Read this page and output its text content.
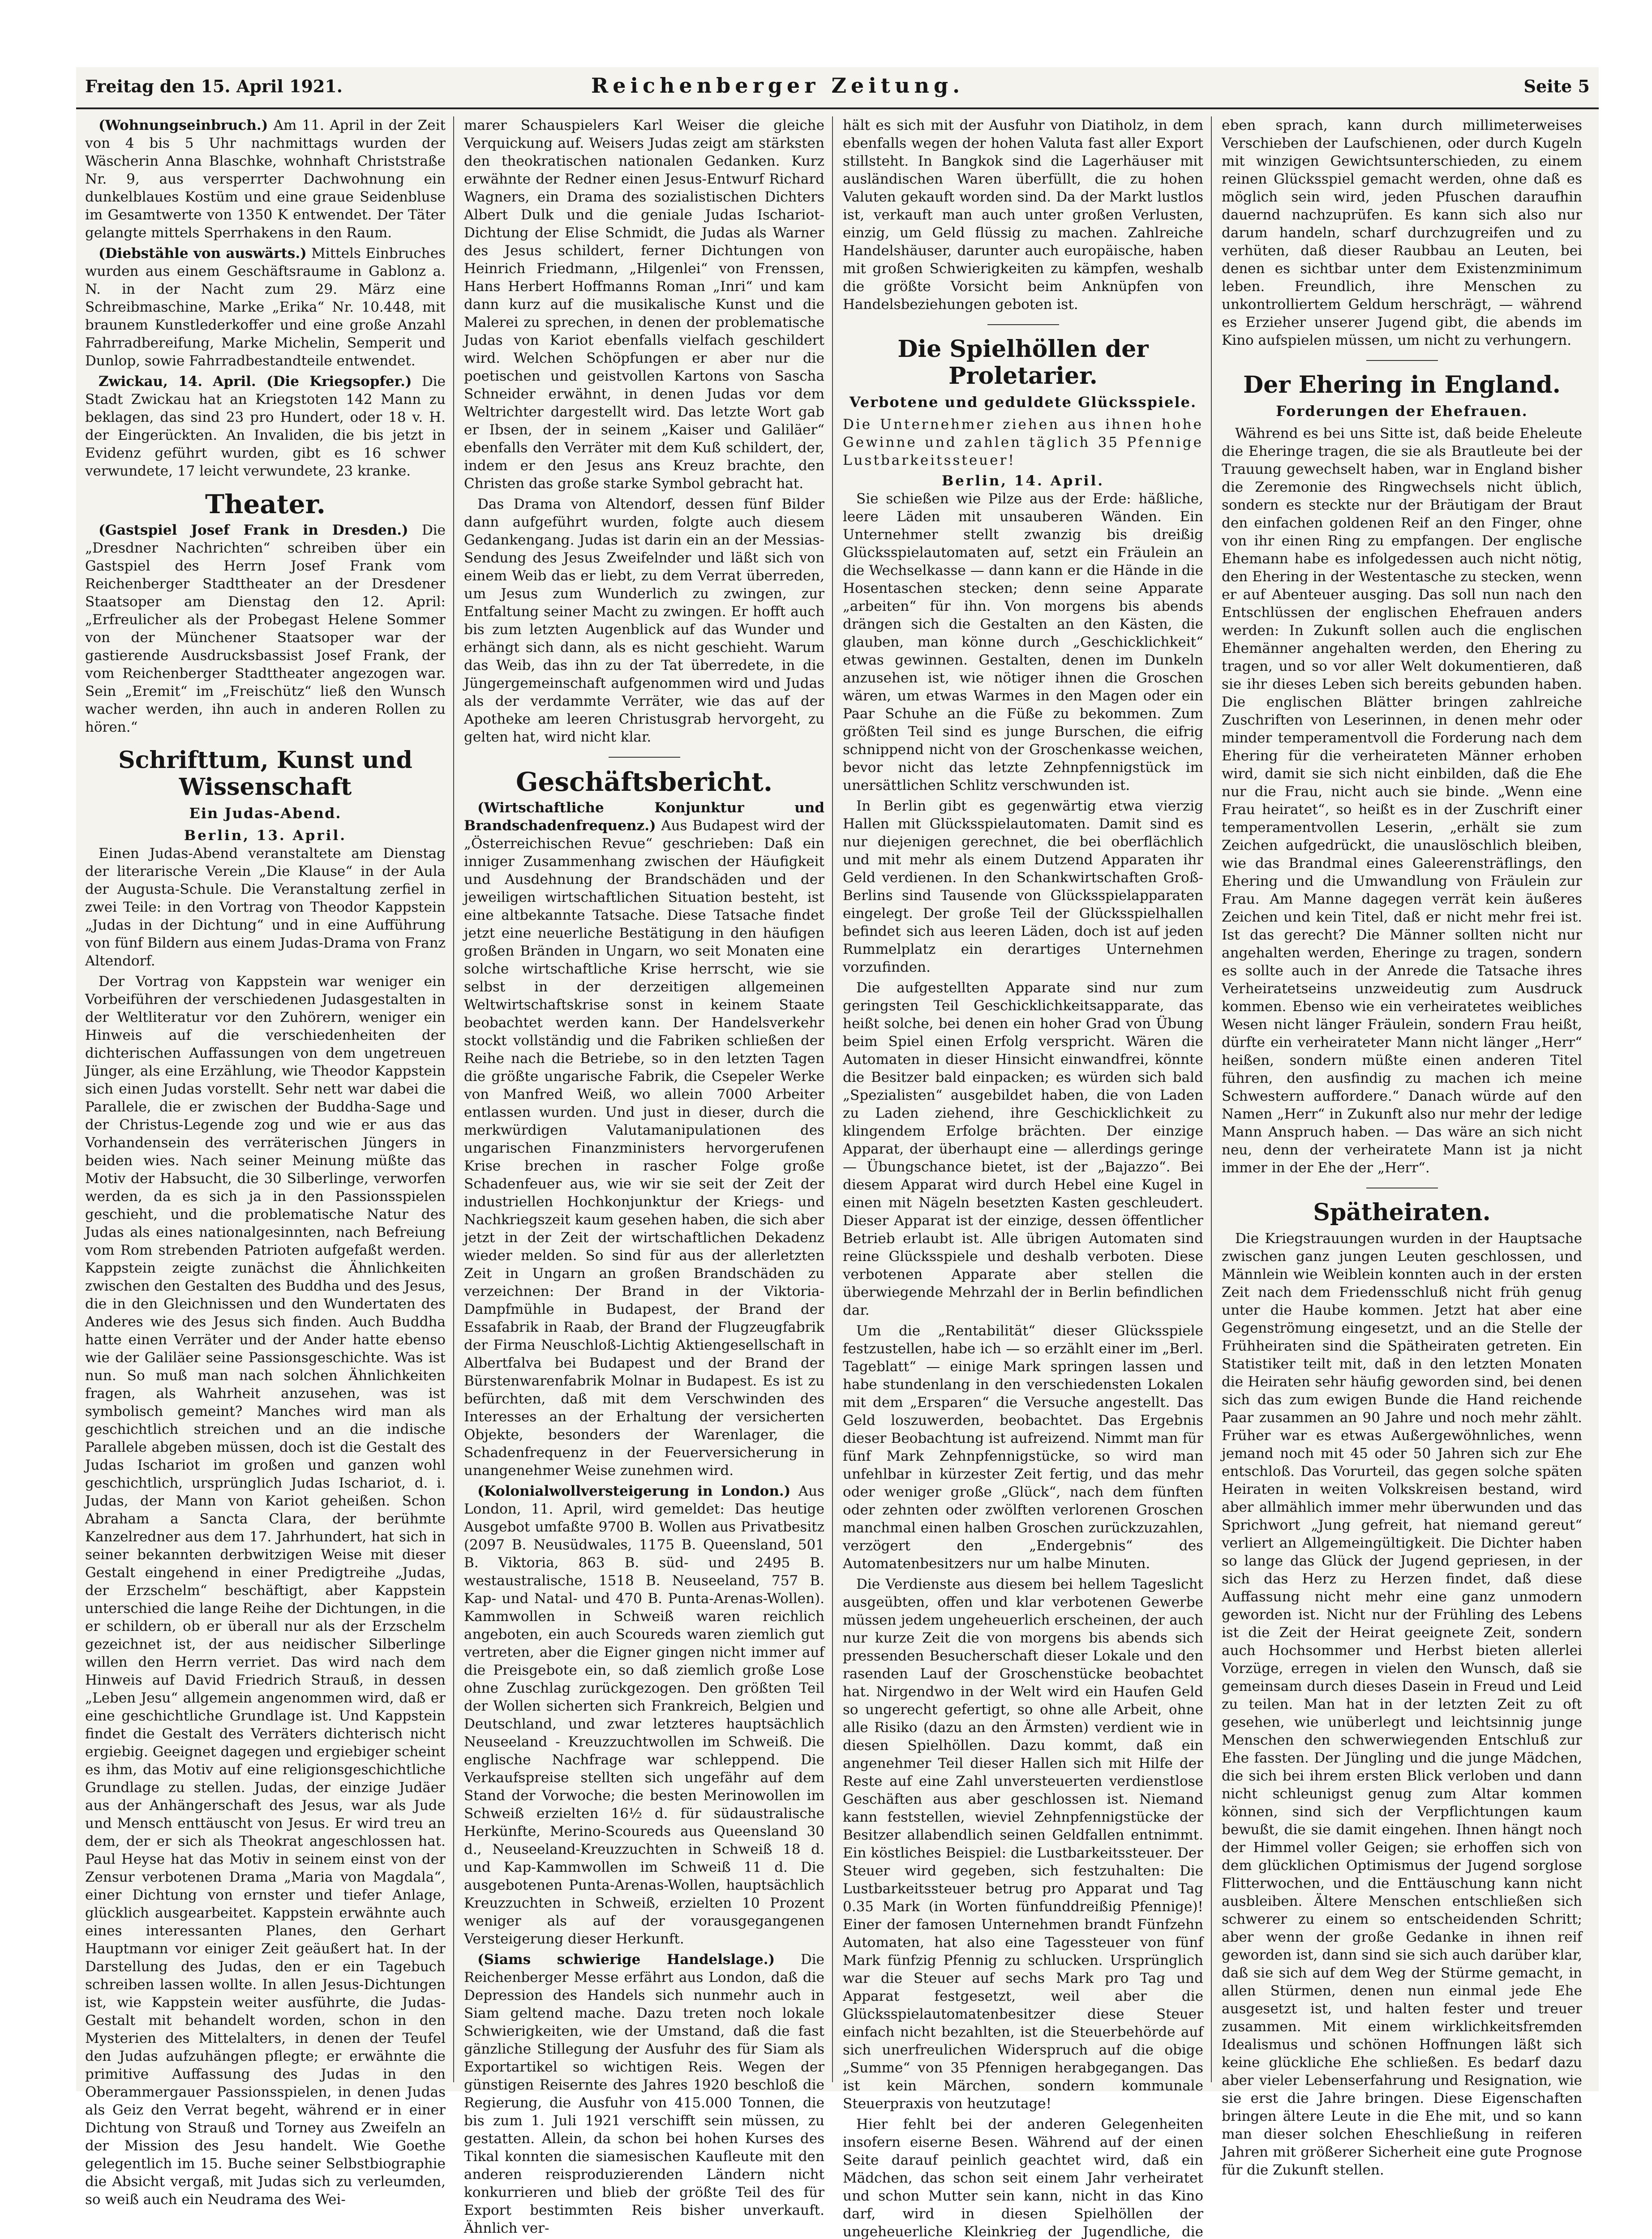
Freitag den 15. April 1921.	Reichenberger Zeitung.	Seite 5

(Wohnungseinbruch.) Am 11. April in der Zeit von 4 bis 5 Uhr nachmittags wurden der Wäscherin Anna Blaschke, wohnhaft Christstraße Nr. 9, aus versperrter Dachwohnung ein dunkelblaues Kostüm und eine graue Seidenbluse im Gesamtwerte von 1350 K entwendet. Der Täter gelangte mittels Sperrhakens in den Raum.

(Diebstähle von auswärts.) Mittels Einbruches wurden aus einem Geschäftsraume in Gablonz a. N. in der Nacht zum 29. März eine Schreibmaschine, Marke „Erika“ Nr. 10.448, mit braunem Kunstlederkoffer und eine große Anzahl Fahrradbereifung, Marke Michelin, Semperit und Dunlop, sowie Fahrradbestandteile entwendet.

Zwickau, 14. April. (Die Kriegsopfer.) Die Stadt Zwickau hat an Kriegstoten 142 Mann zu beklagen, das sind 23 pro Hundert, oder 18 v. H. der Eingerückten. An Invaliden, die bis jetzt in Evidenz geführt wurden, gibt es 16 schwer verwundete, 17 leicht verwundete, 23 kranke.

Theater.

(Gastspiel Josef Frank in Dresden.) Die „Dresdner Nachrichten“ schreiben über ein Gastspiel des Herrn Josef Frank vom Reichenberger Stadttheater an der Dresdener Staatsoper am Dienstag den 12. April: „Erfreulicher als der Probegast Helene Sommer von der Münchener Staatsoper war der gastierende Ausdrucksbassist Josef Frank, der vom Reichenberger Stadttheater angezogen war. Sein „Eremit“ im „Freischütz“ ließ den Wunsch wacher werden, ihn auch in anderen Rollen zu hören.“

Schrifttum, Kunst und Wissenschaft
Ein Judas-Abend.
Berlin, 13. April.

Einen Judas-Abend veranstaltete am Dienstag der literarische Verein „Die Klause“ in der Aula der Augusta-Schule. Die Veranstaltung zerfiel in zwei Teile: in den Vortrag von Theodor Kappstein „Judas in der Dichtung“ und in eine Aufführung von fünf Bildern aus einem Judas-Drama von Franz Altendorf.

Der Vortrag von Kappstein war weniger ein Vorbeiführen der verschiedenen Judasgestalten in der Weltliteratur vor den Zuhörern, weniger ein Hinweis auf die verschiedenheiten der dichterischen Auffassungen von dem ungetreuen Jünger, als eine Erzählung, wie Theodor Kappstein sich einen Judas vorstellt. Sehr nett war dabei die Parallele, die er zwischen der Buddha-Sage und der Christus-Legende zog und wie er aus das Vorhandensein des verräterischen Jüngers in beiden wies. Nach seiner Meinung müßte das Motiv der Habsucht, die 30 Silberlinge, verworfen werden, da es sich ja in den Passionsspielen geschieht, und die problematische Natur des Judas als eines nationalgesinnten, nach Befreiung vom Rom strebenden Patrioten aufgefaßt werden. Kappstein zeigte zunächst die Ähnlichkeiten zwischen den Gestalten des Buddha und des Jesus, die in den Gleichnissen und den Wundertaten des Anderes wie des Jesus sich finden. Auch Buddha hatte einen Verräter und der Ander hatte ebenso wie der Galiläer seine Passionsgeschichte. Was ist nun. So muß man nach solchen Ähnlichkeiten fragen, als Wahrheit anzusehen, was ist symbolisch gemeint? Manches wird man als geschichtlich streichen und an die indische Parallele abgeben müssen, doch ist die Gestalt des Judas Ischariot im großen und ganzen wohl geschichtlich, ursprünglich Judas Ischariot, d. i. Judas, der Mann von Kariot geheißen. Schon Abraham a Sancta Clara, der berühmte Kanzelredner aus dem 17. Jahrhundert, hat sich in seiner bekannten derbwitzigen Weise mit dieser Gestalt eingehend in einer Predigtreihe „Judas, der Erzschelm“ beschäftigt, aber Kappstein unterschied die lange Reihe der Dichtungen, in die er schildern, ob er überall nur als der Erzschelm gezeichnet ist, der aus neidischer Silberlinge willen den Herrn verriet. Das wird nach dem Hinweis auf David Friedrich Strauß, in dessen „Leben Jesu“ allgemein angenommen wird, daß er eine geschichtliche Grundlage ist. Und Kappstein findet die Gestalt des Verräters dichterisch nicht ergiebig. Geeignet dagegen und ergiebiger scheint es ihm, das Motiv auf eine religionsgeschichtliche Grundlage zu stellen. Judas, der einzige Judäer aus der Anhängerschaft des Jesus, war als Jude und Mensch enttäuscht von Jesus. Er wird treu an dem, der er sich als Theokrat angeschlossen hat. Paul Heyse hat das Motiv in seinem einst von der Zensur verbotenen Drama „Maria von Magdala“, einer Dichtung von ernster und tiefer Anlage, glücklich ausgearbeitet. Kappstein erwähnte auch eines interessanten Planes, den Gerhart Hauptmann vor einiger Zeit geäußert hat. In der Darstellung des Judas, den er ein Tagebuch schreiben lassen wollte. In allen Jesus-Dichtungen ist, wie Kappstein weiter ausführte, die Judas-Gestalt mit behandelt worden, schon in den Mysterien des Mittelalters, in denen der Teufel den Judas aufzuhängen pflegte; er erwähnte die primitive Auffassung des Judas in den Oberammergauer Passionsspielen, in denen Judas als Geiz den Verrat begeht, während er in einer Dichtung von Strauß und Torney aus Zweifeln an der Mission des Jesu handelt. Wie Goethe gelegentlich im 15. Buche seiner Selbstbiographie die Absicht vergaß, mit Judas sich zu verleumden, so weiß auch ein Neudrama des Wei-

marer Schauspielers Karl Weiser die gleiche Verquickung auf. Weisers Judas zeigt am stärksten den theokratischen nationalen Gedanken. Kurz erwähnte der Redner einen Jesus-Entwurf Richard Wagners, ein Drama des sozialistischen Dichters Albert Dulk und die geniale Judas Ischariot-Dichtung der Elise Schmidt, die Judas als Warner des Jesus schildert, ferner Dichtungen von Heinrich Friedmann, „Hilgenlei“ von Frenssen, Hans Herbert Hoffmanns Roman „Inri“ und kam dann kurz auf die musikalische Kunst und die Malerei zu sprechen, in denen der problematische Judas von Kariot ebenfalls vielfach geschildert wird. Welchen Schöpfungen er aber nur die poetischen und geistvollen Kartons von Sascha Schneider erwähnt, in denen Judas vor dem Weltrichter dargestellt wird. Das letzte Wort gab er Ibsen, der in seinem „Kaiser und Galiläer“ ebenfalls den Verräter mit dem Kuß schildert, der, indem er den Jesus ans Kreuz brachte, den Christen das große starke Symbol gebracht hat.

Das Drama von Altendorf, dessen fünf Bilder dann aufgeführt wurden, folgte auch diesem Gedankengang. Judas ist darin ein an der Messias-Sendung des Jesus Zweifelnder und läßt sich von einem Weib das er liebt, zu dem Verrat überreden, um Jesus zum Wunderlich zu zwingen, zur Entfaltung seiner Macht zu zwingen. Er hofft auch bis zum letzten Augenblick auf das Wunder und erhängt sich dann, als es nicht geschieht. Warum das Weib, das ihn zu der Tat überredete, in die Jüngergemeinschaft aufgenommen wird und Judas als der verdammte Verräter, wie das auf der Apotheke am leeren Christusgrab hervorgeht, zu gelten hat, wird nicht klar.

Geschäftsbericht.

(Wirtschaftliche Konjunktur und Brandschadenfrequenz.) Aus Budapest wird der „Österreichischen Revue“ geschrieben: Daß ein inniger Zusammenhang zwischen der Häufigkeit und Ausdehnung der Brandschäden und der jeweiligen wirtschaftlichen Situation besteht, ist eine altbekannte Tatsache. Diese Tatsache findet jetzt eine neuerliche Bestätigung in den häufigen großen Bränden in Ungarn, wo seit Monaten eine solche wirtschaftliche Krise herrscht, wie sie selbst in der derzeitigen allgemeinen Weltwirtschaftskrise sonst in keinem Staate beobachtet werden kann. Der Handelsverkehr stockt vollständig und die Fabriken schließen der Reihe nach die Betriebe, so in den letzten Tagen die größte ungarische Fabrik, die Csepeler Werke von Manfred Weiß, wo allein 7000 Arbeiter entlassen wurden. Und just in dieser, durch die merkwürdigen Valutamanipulationen des ungarischen Finanzministers hervorgerufenen Krise brechen in rascher Folge große Schadenfeuer aus, wie wir sie seit der Zeit der industriellen Hochkonjunktur der Kriegs- und Nachkriegszeit kaum gesehen haben, die sich aber jetzt in der Zeit der wirtschaftlichen Dekadenz wieder melden. So sind für aus der allerletzten Zeit in Ungarn an großen Brandschäden zu verzeichnen: Der Brand in der Viktoria-Dampfmühle in Budapest, der Brand der Essafabrik in Raab, der Brand der Flugzeugfabrik der Firma Neuschloß-Lichtig Aktiengesellschaft in Albertfalva bei Budapest und der Brand der Bürstenwarenfabrik Molnar in Budapest. Es ist zu befürchten, daß mit dem Verschwinden des Interesses an der Erhaltung der versicherten Objekte, besonders der Warenlager, die Schadenfrequenz in der Feuerversicherung in unangenehmer Weise zunehmen wird.

(Kolonialwollversteigerung in London.) Aus London, 11. April, wird gemeldet: Das heutige Ausgebot umfaßte 9700 B. Wollen aus Privatbesitz (2097 B. Neusüdwales, 1175 B. Queensland, 501 B. Viktoria, 863 B. süd- und 2495 B. westaustralische, 1518 B. Neuseeland, 757 B. Kap- und Natal- und 470 B. Punta-Arenas-Wollen). Kammwollen in Schweiß waren reichlich angeboten, ein auch Scoureds waren ziemlich gut vertreten, aber die Eigner gingen nicht immer auf die Preisgebote ein, so daß ziemlich große Lose ohne Zuschlag zurückgezogen. Den größten Teil der Wollen sicherten sich Frankreich, Belgien und Deutschland, und zwar letzteres hauptsächlich Neuseeland - Kreuzzuchtwollen im Schweiß. Die englische Nachfrage war schleppend. Die Verkaufspreise stellten sich ungefähr auf dem Stand der Vorwoche; die besten Merinowollen im Schweiß erzielten 16½ d. für südaustralische Herkünfte, Merino-Scoureds aus Queensland 30 d., Neuseeland-Kreuzzuchten in Schweiß 18 d. und Kap-Kammwollen im Schweiß 11 d. Die ausgebotenen Punta-Arenas-Wollen, hauptsächlich Kreuzzuchten in Schweiß, erzielten 10 Prozent weniger als auf der vorausgegangenen Versteigerung dieser Herkunft.

(Siams schwierige Handelslage.) Die Reichenberger Messe erfährt aus London, daß die Depression des Handels sich nunmehr auch in Siam geltend mache. Dazu treten noch lokale Schwierigkeiten, wie der Umstand, daß die fast gänzliche Stillegung der Ausfuhr des für Siam als Exportartikel so wichtigen Reis. Wegen der günstigen Reisernte des Jahres 1920 beschloß die Regierung, die Ausfuhr von 415.000 Tonnen, die bis zum 1. Juli 1921 verschifft sein müssen, zu gestatten. Allein, da schon bei hohen Kurses des Tikal konnten die siamesischen Kaufleute mit den anderen reisproduzierenden Ländern nicht konkurrieren und blieb der größte Teil des für Export bestimmten Reis bisher unverkauft. Ähnlich ver-

hält es sich mit der Ausfuhr von Diatiholz, in dem ebenfalls wegen der hohen Valuta fast aller Export stillsteht. In Bangkok sind die Lagerhäuser mit ausländischen Waren überfüllt, die zu hohen Valuten gekauft worden sind. Da der Markt lustlos ist, verkauft man auch unter großen Verlusten, einzig, um Geld flüssig zu machen. Zahlreiche Handelshäuser, darunter auch europäische, haben mit großen Schwierigkeiten zu kämpfen, weshalb die größte Vorsicht beim Anknüpfen von Handelsbeziehungen geboten ist.

Die Spielhöllen der Proletarier.
Verbotene und geduldete Glücksspiele.

Die Unternehmer ziehen aus ihnen hohe Gewinne und zahlen täglich 35 Pfennige Lustbarkeitssteuer!

Berlin, 14. April.

Sie schießen wie Pilze aus der Erde: häßliche, leere Läden mit unsauberen Wänden. Ein Unternehmer stellt zwanzig bis dreißig Glücksspielautomaten auf, setzt ein Fräulein an die Wechselkasse — dann kann er die Hände in die Hosentaschen stecken; denn seine Apparate „arbeiten“ für ihn. Von morgens bis abends drängen sich die Gestalten an den Kästen, die glauben, man könne durch „Geschicklichkeit“ etwas gewinnen. Gestalten, denen im Dunkeln anzusehen ist, wie nötiger ihnen die Groschen wären, um etwas Warmes in den Magen oder ein Paar Schuhe an die Füße zu bekommen. Zum größten Teil sind es junge Burschen, die eifrig schnippend nicht von der Groschenkasse weichen, bevor nicht das letzte Zehnpfennigstück im unersättlichen Schlitz verschwunden ist.

In Berlin gibt es gegenwärtig etwa vierzig Hallen mit Glücksspielautomaten. Damit sind es nur diejenigen gerechnet, die bei oberflächlich und mit mehr als einem Dutzend Apparaten ihr Geld verdienen. In den Schankwirtschaften Groß-Berlins sind Tausende von Glücksspielapparaten eingelegt. Der große Teil der Glücksspielhallen befindet sich aus leeren Läden, doch ist auf jeden Rummelplatz ein derartiges Unternehmen vorzufinden.

Die aufgestellten Apparate sind nur zum geringsten Teil Geschicklichkeitsapparate, das heißt solche, bei denen ein hoher Grad von Übung beim Spiel einen Erfolg verspricht. Wären die Automaten in dieser Hinsicht einwandfrei, könnte die Besitzer bald einpacken; es würden sich bald „Spezialisten“ ausgebildet haben, die von Laden zu Laden ziehend, ihre Geschicklichkeit zu klingendem Erfolge brächten. Der einzige Apparat, der überhaupt eine — allerdings geringe — Übungschance bietet, ist der „Bajazzo“. Bei diesem Apparat wird durch Hebel eine Kugel in einen mit Nägeln besetzten Kasten geschleudert. Dieser Apparat ist der einzige, dessen öffentlicher Betrieb erlaubt ist. Alle übrigen Automaten sind reine Glücksspiele und deshalb verboten. Diese verbotenen Apparate aber stellen die überwiegende Mehrzahl der in Berlin befindlichen dar.

Um die „Rentabilität“ dieser Glücksspiele festzustellen, habe ich — so erzählt einer im „Berl. Tageblatt“ — einige Mark springen lassen und habe stundenlang in den verschiedensten Lokalen mit dem „Ersparen“ die Versuche angestellt. Das Geld loszuwerden, beobachtet. Das Ergebnis dieser Beobachtung ist aufreizend. Nimmt man für fünf Mark Zehnpfennigstücke, so wird man unfehlbar in kürzester Zeit fertig, und das mehr oder weniger große „Glück“, nach dem fünften oder zehnten oder zwölften verlorenen Groschen manchmal einen halben Groschen zurückzuzahlen, verzögert den „Endergebnis“ des Automatenbesitzers nur um halbe Minuten.

Die Verdienste aus diesem bei hellem Tageslicht ausgeübten, offen und klar verbotenen Gewerbe müssen jedem ungeheuerlich erscheinen, der auch nur kurze Zeit die von morgens bis abends sich pressenden Besucherschaft dieser Lokale und den rasenden Lauf der Groschenstücke beobachtet hat. Nirgendwo in der Welt wird ein Haufen Geld so ungerecht gefertigt, so ohne alle Arbeit, ohne alle Risiko (dazu an den Ärmsten) verdient wie in diesen Spielhöllen. Dazu kommt, daß ein angenehmer Teil dieser Hallen sich mit Hilfe der Reste auf eine Zahl unversteuerten verdienstlose Geschäften aus aber geschlossen ist. Niemand kann feststellen, wieviel Zehnpfennigstücke der Besitzer allabendlich seinen Geldfallen entnimmt. Ein köstliches Beispiel: die Lustbarkeitssteuer. Der Steuer wird gegeben, sich festzuhalten: Die Lustbarkeitssteuer betrug pro Apparat und Tag 0.35 Mark (in Worten fünfunddreißig Pfennige)! Einer der famosen Unternehmen brandt Fünfzehn Automaten, hat also eine Tagessteuer von fünf Mark fünfzig Pfennig zu schlucken. Ursprünglich war die Steuer auf sechs Mark pro Tag und Apparat festgesetzt, weil aber die Glücksspielautomatenbesitzer diese Steuer einfach nicht bezahlten, ist die Steuerbehörde auf sich unerfreulichen Widerspruch auf die obige „Summe“ von 35 Pfennigen herabgegangen. Das ist kein Märchen, sondern kommunale Steuerpraxis von heutzutage!

Hier fehlt bei der anderen Gelegenheiten insofern eiserne Besen. Während auf der einen Seite darauf peinlich geachtet wird, daß ein Mädchen, das schon seit einem Jahr verheiratet und schon Mutter sein kann, nicht in das Kino darf, wird in diesen Spielhöllen der ungeheuerliche Kleinkrieg der Jugendliche, die

eben sprach, kann durch millimeterweises Verschieben der Laufschienen, oder durch Kugeln mit winzigen Gewichtsunterschieden, zu einem reinen Glücksspiel gemacht werden, ohne daß es möglich sein wird, jeden Pfuschen daraufhin dauernd nachzuprüfen. Es kann sich also nur darum handeln, scharf durchzugreifen und zu verhüten, daß dieser Raubbau an Leuten, bei denen es sichtbar unter dem Existenzminimum leben. Freundlich, ihre Menschen zu unkontrolliertem Geldum herschrägt, — während es Erzieher unserer Jugend gibt, die abends im Kino aufspielen müssen, um nicht zu verhungern.

Der Ehering in England.
Forderungen der Ehefrauen.

Während es bei uns Sitte ist, daß beide Eheleute die Eheringe tragen, die sie als Brautleute bei der Trauung gewechselt haben, war in England bisher die Zeremonie des Ringwechsels nicht üblich, sondern es steckte nur der Bräutigam der Braut den einfachen goldenen Reif an den Finger, ohne von ihr einen Ring zu empfangen. Der englische Ehemann habe es infolgedessen auch nicht nötig, den Ehering in der Westentasche zu stecken, wenn er auf Abenteuer ausging. Das soll nun nach den Entschlüssen der englischen Ehefrauen anders werden: In Zukunft sollen auch die englischen Ehemänner angehalten werden, den Ehering zu tragen, und so vor aller Welt dokumentieren, daß sie ihr dieses Leben sich bereits gebunden haben. Die englischen Blätter bringen zahlreiche Zuschriften von Leserinnen, in denen mehr oder minder temperamentvoll die Forderung nach dem Ehering für die verheirateten Männer erhoben wird, damit sie sich nicht einbilden, daß die Ehe nur die Frau, nicht auch sie binde. „Wenn eine Frau heiratet“, so heißt es in der Zuschrift einer temperamentvollen Leserin, „erhält sie zum Zeichen aufgedrückt, die unauslöschlich bleiben, wie das Brandmal eines Galeerensträflings, den Ehering und die Umwandlung von Fräulein zur Frau. Am Manne dagegen verrät kein äußeres Zeichen und kein Titel, daß er nicht mehr frei ist. Ist das gerecht? Die Männer sollten nicht nur angehalten werden, Eheringe zu tragen, sondern es sollte auch in der Anrede die Tatsache ihres Verheiratetseins unzweideutig zum Ausdruck kommen. Ebenso wie ein verheiratetes weibliches Wesen nicht länger Fräulein, sondern Frau heißt, dürfte ein verheirateter Mann nicht länger „Herr“ heißen, sondern müßte einen anderen Titel führen, den ausfindig zu machen ich meine Schwestern auffordere.“ Danach würde auf den Namen „Herr“ in Zukunft also nur mehr der ledige Mann Anspruch haben. — Das wäre an sich nicht neu, denn der verheiratete Mann ist ja nicht immer in der Ehe der „Herr“.

Spätheiraten.

Die Kriegstrauungen wurden in der Hauptsache zwischen ganz jungen Leuten geschlossen, und Männlein wie Weiblein konnten auch in der ersten Zeit nach dem Friedensschluß nicht früh genug unter die Haube kommen. Jetzt hat aber eine Gegenströmung eingesetzt, und an die Stelle der Frühheiraten sind die Spätheiraten getreten. Ein Statistiker teilt mit, daß in den letzten Monaten die Heiraten sehr häufig geworden sind, bei denen sich das zum ewigen Bunde die Hand reichende Paar zusammen an 90 Jahre und noch mehr zählt. Früher war es etwas Außergewöhnliches, wenn jemand noch mit 45 oder 50 Jahren sich zur Ehe entschloß. Das Vorurteil, das gegen solche späten Heiraten in weiten Volkskreisen bestand, wird aber allmählich immer mehr überwunden und das Sprichwort „Jung gefreit, hat niemand gereut“ verliert an Allgemeingültigkeit. Die Dichter haben so lange das Glück der Jugend gepriesen, in der sich das Herz zu Herzen findet, daß diese Auffassung nicht mehr eine ganz unmodern geworden ist. Nicht nur der Frühling des Lebens ist die Zeit der Heirat geeignete Zeit, sondern auch Hochsommer und Herbst bieten allerlei Vorzüge, erregen in vielen den Wunsch, daß sie gemeinsam durch dieses Dasein in Freud und Leid zu teilen. Man hat in der letzten Zeit zu oft gesehen, wie unüberlegt und leichtsinnig junge Menschen den schwerwiegenden Entschluß zur Ehe fassten. Der Jüngling und die junge Mädchen, die sich bei ihrem ersten Blick verloben und dann nicht schleunigst genug zum Altar kommen können, sind sich der Verpflichtungen kaum bewußt, die sie damit eingehen. Ihnen hängt noch der Himmel voller Geigen; sie erhoffen sich von dem glücklichen Optimismus der Jugend sorglose Flitterwochen, und die Enttäuschung kann nicht ausbleiben. Ältere Menschen entschließen sich schwerer zu einem so entscheidenden Schritt; aber wenn der große Gedanke in ihnen reif geworden ist, dann sind sie sich auch darüber klar, daß sie sich auf dem Weg der Stürme gemacht, in allen Stürmen, denen nun einmal jede Ehe ausgesetzt ist, und halten fester und treuer zusammen. Mit einem wirklichkeitsfremden Idealismus und schönen Hoffnungen läßt sich keine glückliche Ehe schließen. Es bedarf dazu aber vieler Lebenserfahrung und Resignation, wie sie erst die Jahre bringen. Diese Eigenschaften bringen ältere Leute in die Ehe mit, und so kann man dieser solchen Eheschließung in reiferen Jahren mit größerer Sicherheit eine gute Prognose für die Zukunft stellen.
